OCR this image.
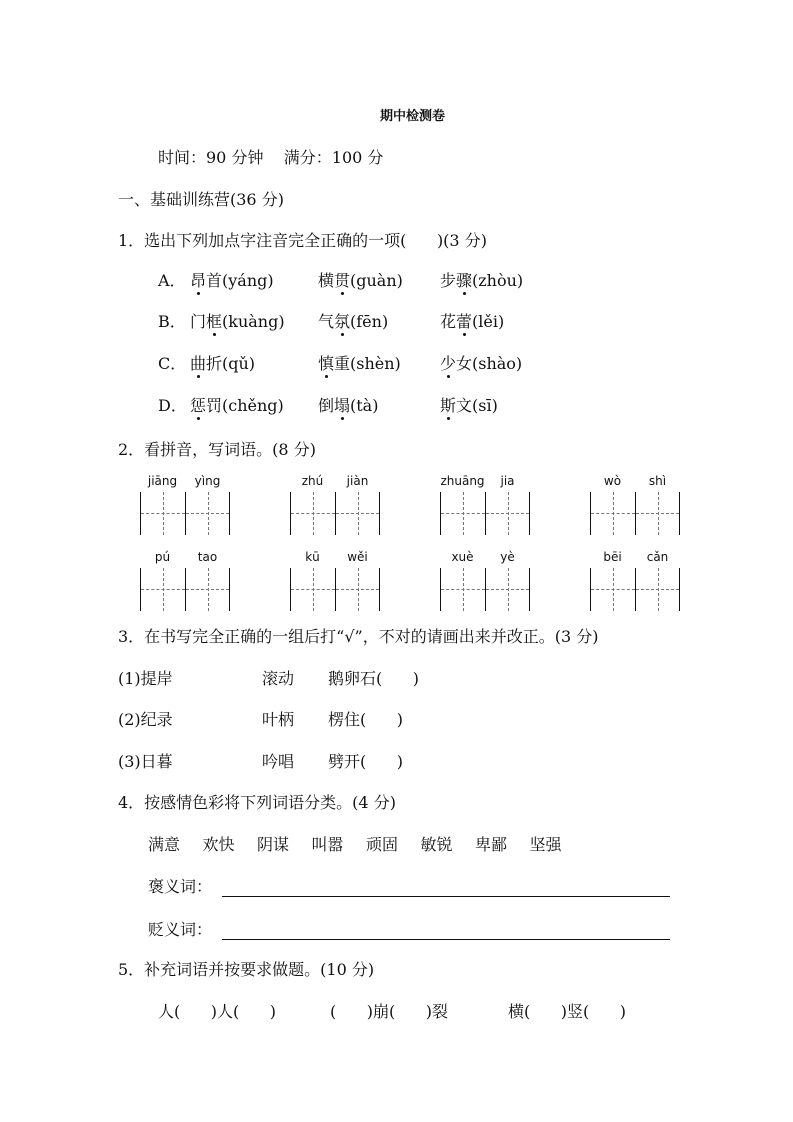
期中检测卷
时间：90 分钟    满分：100 分
一、基础训练营(36 分)
1．选出下列加点字注音完全正确的一项(      )(3 分)
A． 昂首(yáng)	横贯(guàn) 步骤(zhòu)
B． 门框(kuàng) 气氛(fēn)	花蕾(lěi)
C． 曲折(qǔ)	慎重(shèn) 少女(shào)
D． 惩罚(chěng) 倒塌(tà)	斯文(sī)
2．看拼音，写词语。(8 分)
jiāng	yìng	zhú	jiàn	zhuāng	jia	wò	shì
pú	tao	kū	wěi	xuè	yè	bēi	cǎn
3．在书写完全正确的一组后打“√”，不对的请画出来并改正。(3 分)
(1)提岸	滚动 鹅卵石(      )
(2)纪录	叶柄 楞住(      )
(3)日暮	吟唱 劈开(      )
4．按感情色彩将下列词语分类。(4 分)
满意 欢快 阴谋 叫嚣 顽固 敏锐 卑鄙 坚强
褒义词：
贬义词：
5．补充词语并按要求做题。(10 分)
人(      )人(      )	(      )崩(      )裂	横(      )竖(      )
